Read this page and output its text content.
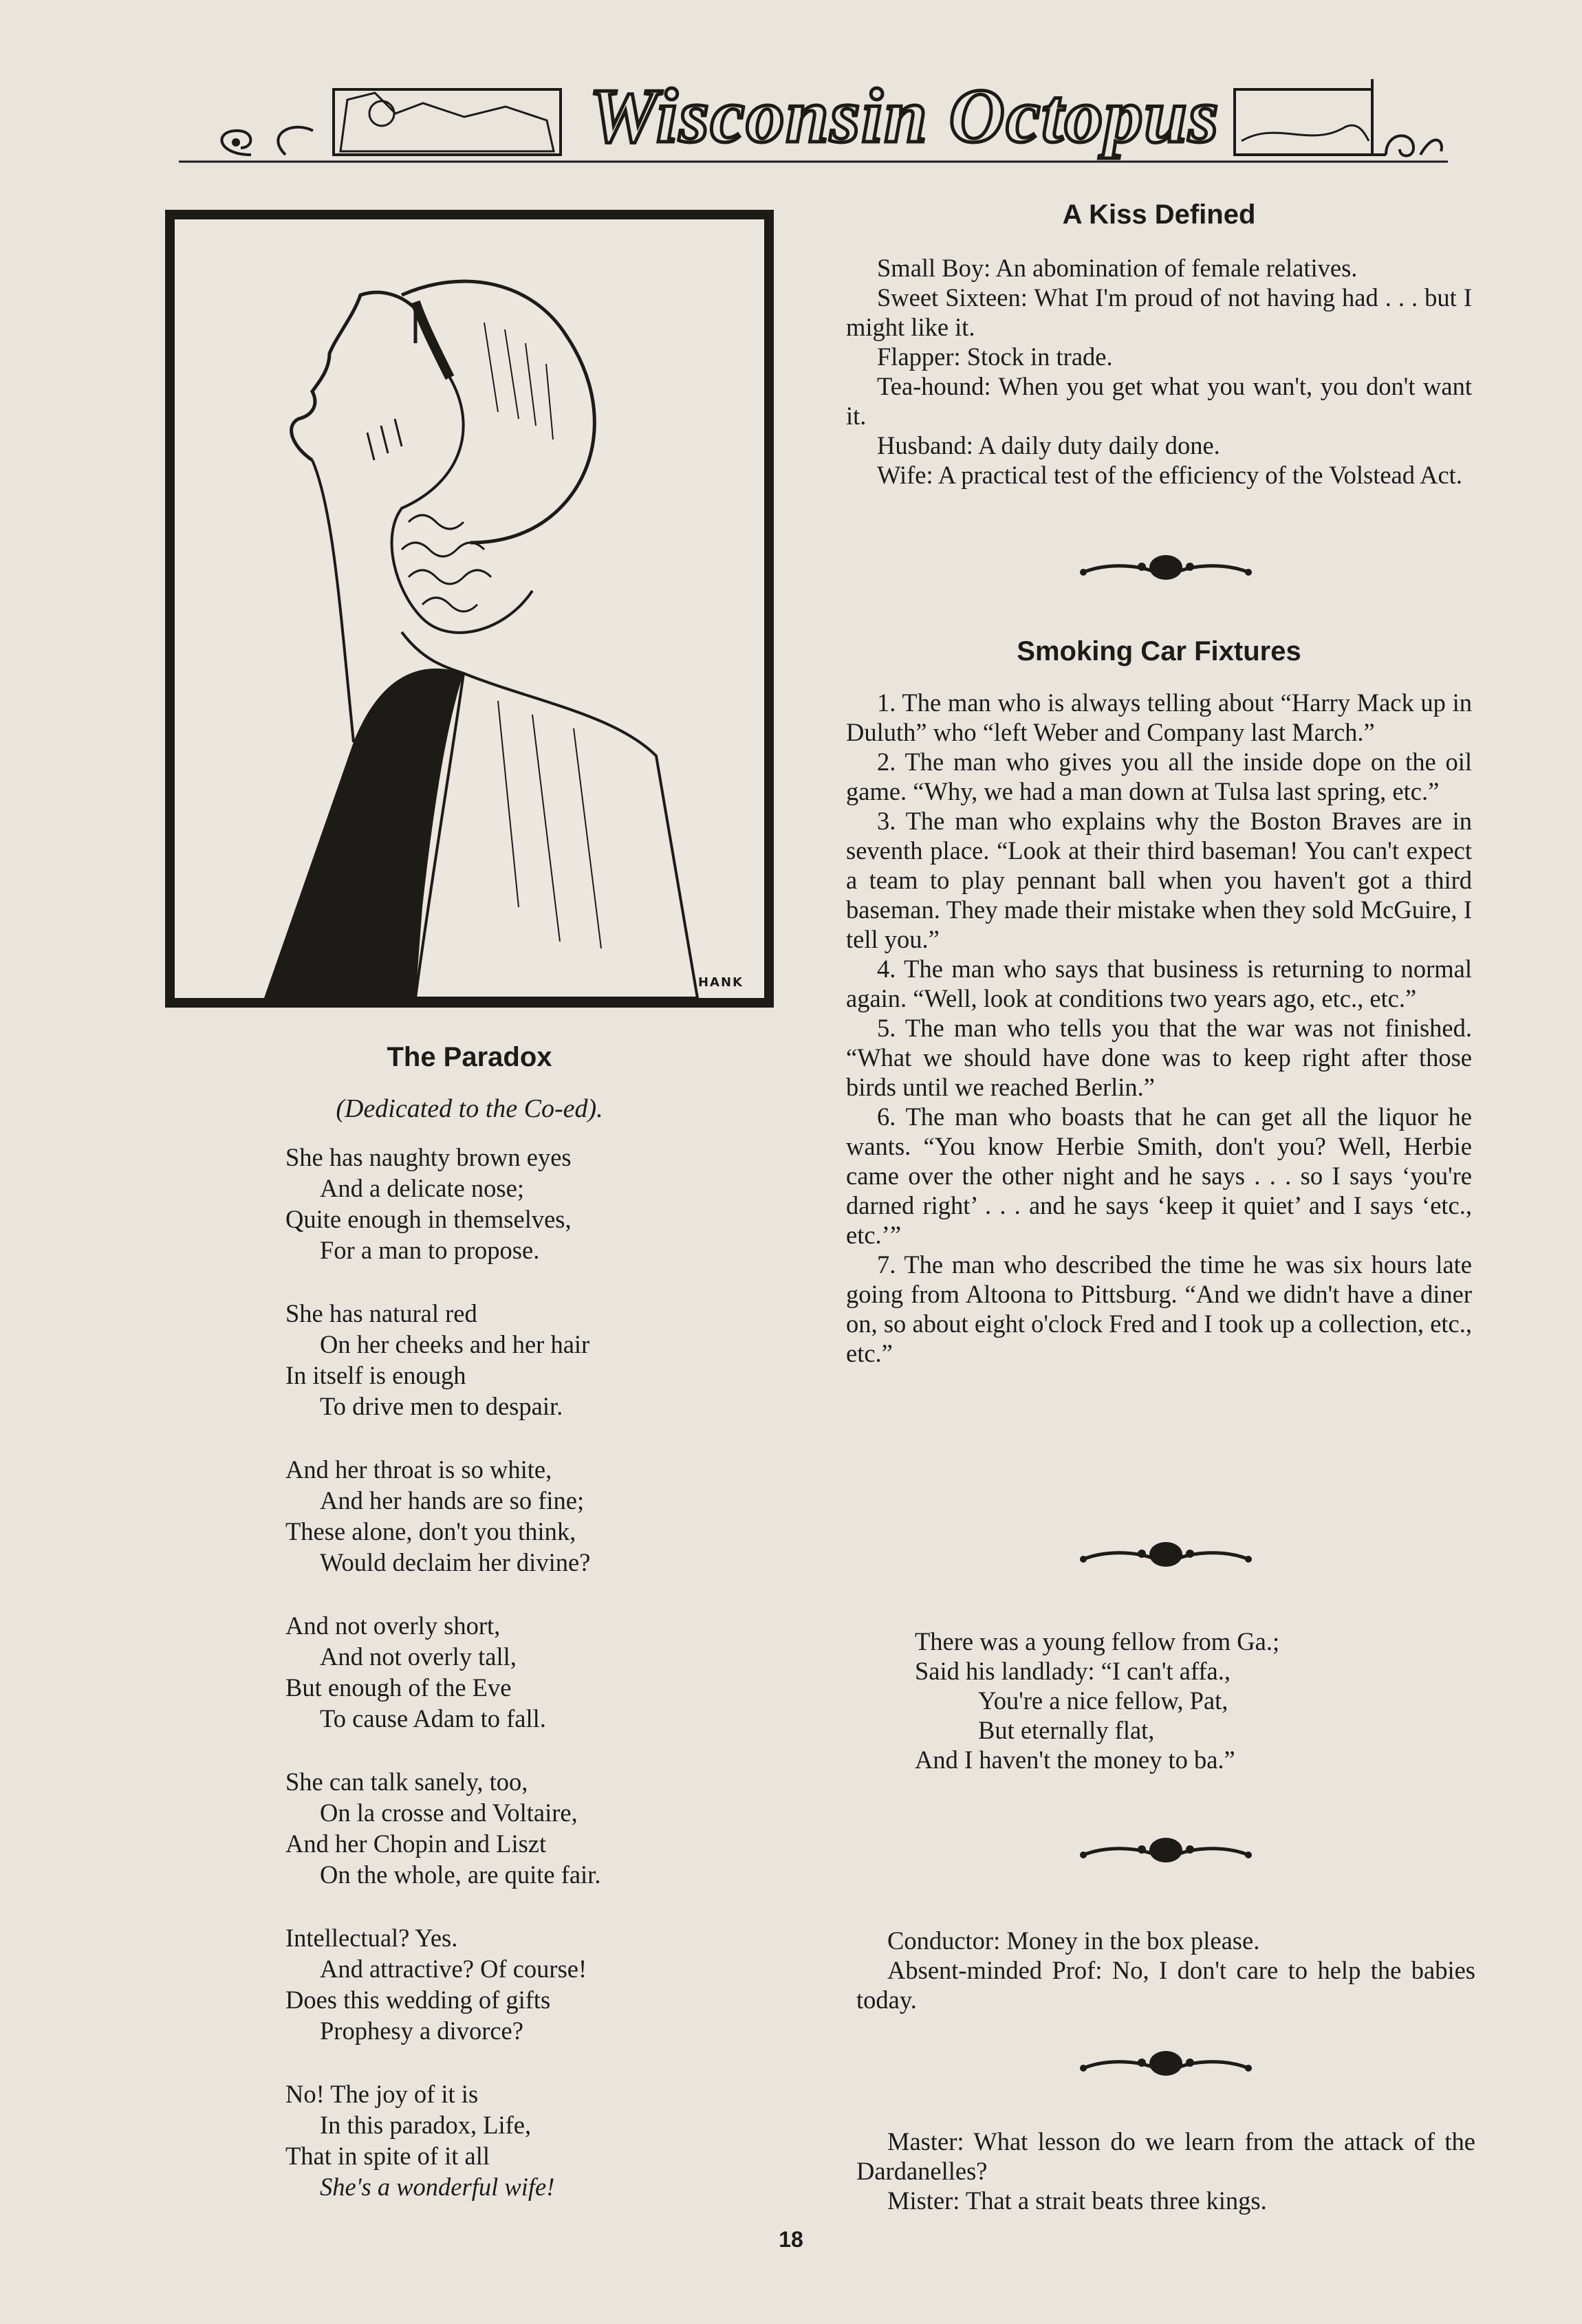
Wisconsin Octopus
HANK
The Paradox
(Dedicated to the Co-ed).
She has naughty brown eyes
And a delicate nose;
Quite enough in themselves,
For a man to propose.
She has natural red
On her cheeks and her hair
In itself is enough
To drive men to despair.
And her throat is so white,
And her hands are so fine;
These alone, don't you think,
Would declaim her divine?
And not overly short,
And not overly tall,
But enough of the Eve
To cause Adam to fall.
She can talk sanely, too,
On la crosse and Voltaire,
And her Chopin and Liszt
On the whole, are quite fair.
Intellectual? Yes.
And attractive? Of course!
Does this wedding of gifts
Prophesy a divorce?
No! The joy of it is
In this paradox, Life,
That in spite of it all
She's a wonderful wife!
A Kiss Defined

Small Boy: An abomination of female relatives.

Sweet Sixteen: What I'm proud of not having had . . . but I might like it.

Flapper: Stock in trade.

Tea-hound: When you get what you wan't, you don't want it.

Husband: A daily duty daily done.

Wife: A practical test of the efficiency of the Volstead Act.

Smoking Car Fixtures

1. The man who is always telling about “Harry Mack up in Duluth” who “left Weber and Company last March.”

2. The man who gives you all the inside dope on the oil game. “Why, we had a man down at Tulsa last spring, etc.”

3. The man who explains why the Boston Braves are in seventh place. “Look at their third baseman! You can't expect a team to play pennant ball when you haven't got a third baseman. They made their mistake when they sold McGuire, I tell you.”

4. The man who says that business is returning to normal again. “Well, look at conditions two years ago, etc., etc.”

5. The man who tells you that the war was not finished. “What we should have done was to keep right after those birds until we reached Berlin.”

6. The man who boasts that he can get all the liquor he wants. “You know Herbie Smith, don't you? Well, Herbie came over the other night and he says . . . so I says ‘you're darned right’ . . . and he says ‘keep it quiet’ and I says ‘etc., etc.’”

7. The man who described the time he was six hours late going from Altoona to Pittsburg. “And we didn't have a diner on, so about eight o'clock Fred and I took up a collection, etc., etc.”

There was a young fellow from Ga.;
Said his landlady: “I can't affa.,
You're a nice fellow, Pat,
But eternally flat,
And I haven't the money to ba.”

Conductor: Money in the box please.

Absent-minded Prof: No, I don't care to help the babies today.

Master: What lesson do we learn from the attack of the Dardanelles?

Mister: That a strait beats three kings.

18
